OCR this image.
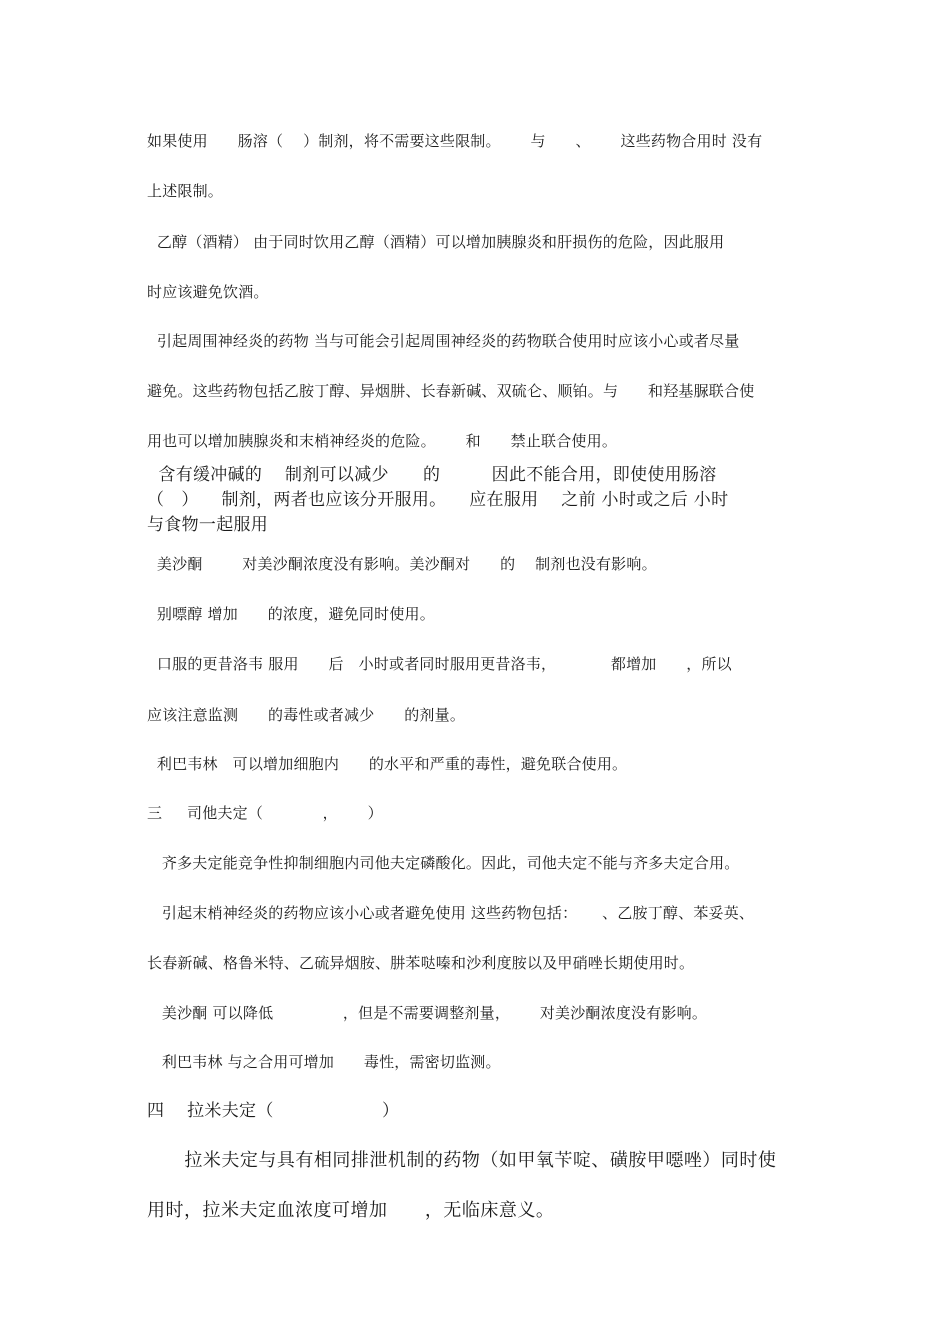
如果使用      肠溶（    ）制剂，将不需要这些限制。      与      、      这些药物合用时 没有

上述限制。

乙醇（酒精） 由于同时饮用乙醇（酒精）可以增加胰腺炎和肝损伤的危险，因此服用

时应该避免饮酒。

引起周围神经炎的药物 当与可能会引起周围神经炎的药物联合使用时应该小心或者尽量

避免。这些药物包括乙胺丁醇、异烟肼、长春新碱、双硫仑、顺铂。与      和羟基脲联合使

用也可以增加胰腺炎和末梢神经炎的危险。      和      禁止联合使用。

含有缓冲碱的    制剂可以减少      的         因此不能合用，即使使用肠溶

（   ）    制剂，两者也应该分开服用。    应在服用    之前 小时或之后 小时

与食物一起服用

美沙酮        对美沙酮浓度没有影响。美沙酮对      的    制剂也没有影响。

别嘌醇 增加      的浓度，避免同时使用。

口服的更昔洛韦 服用      后   小时或者同时服用更昔洛韦，           都增加      ，所以

应该注意监测      的毒性或者减少      的剂量。

利巴韦林   可以增加细胞内      的水平和严重的毒性，避免联合使用。

三     司他夫定（            ，      ）

齐多夫定能竞争性抑制细胞内司他夫定磷酸化。因此，司他夫定不能与齐多夫定合用。

引起末梢神经炎的药物应该小心或者避免使用 这些药物包括：     、乙胺丁醇、苯妥英、

长春新碱、格鲁米特、乙硫异烟胺、肼苯哒嗪和沙利度胺以及甲硝唑长期使用时。

美沙酮 可以降低              ，但是不需要调整剂量，      对美沙酮浓度没有影响。

利巴韦林 与之合用可增加      毒性，需密切监测。

四    拉米夫定（                   ）

拉米夫定与具有相同排泄机制的药物（如甲氧苄啶、磺胺甲噁唑）同时使

用时，拉米夫定血浓度可增加      ，无临床意义。
